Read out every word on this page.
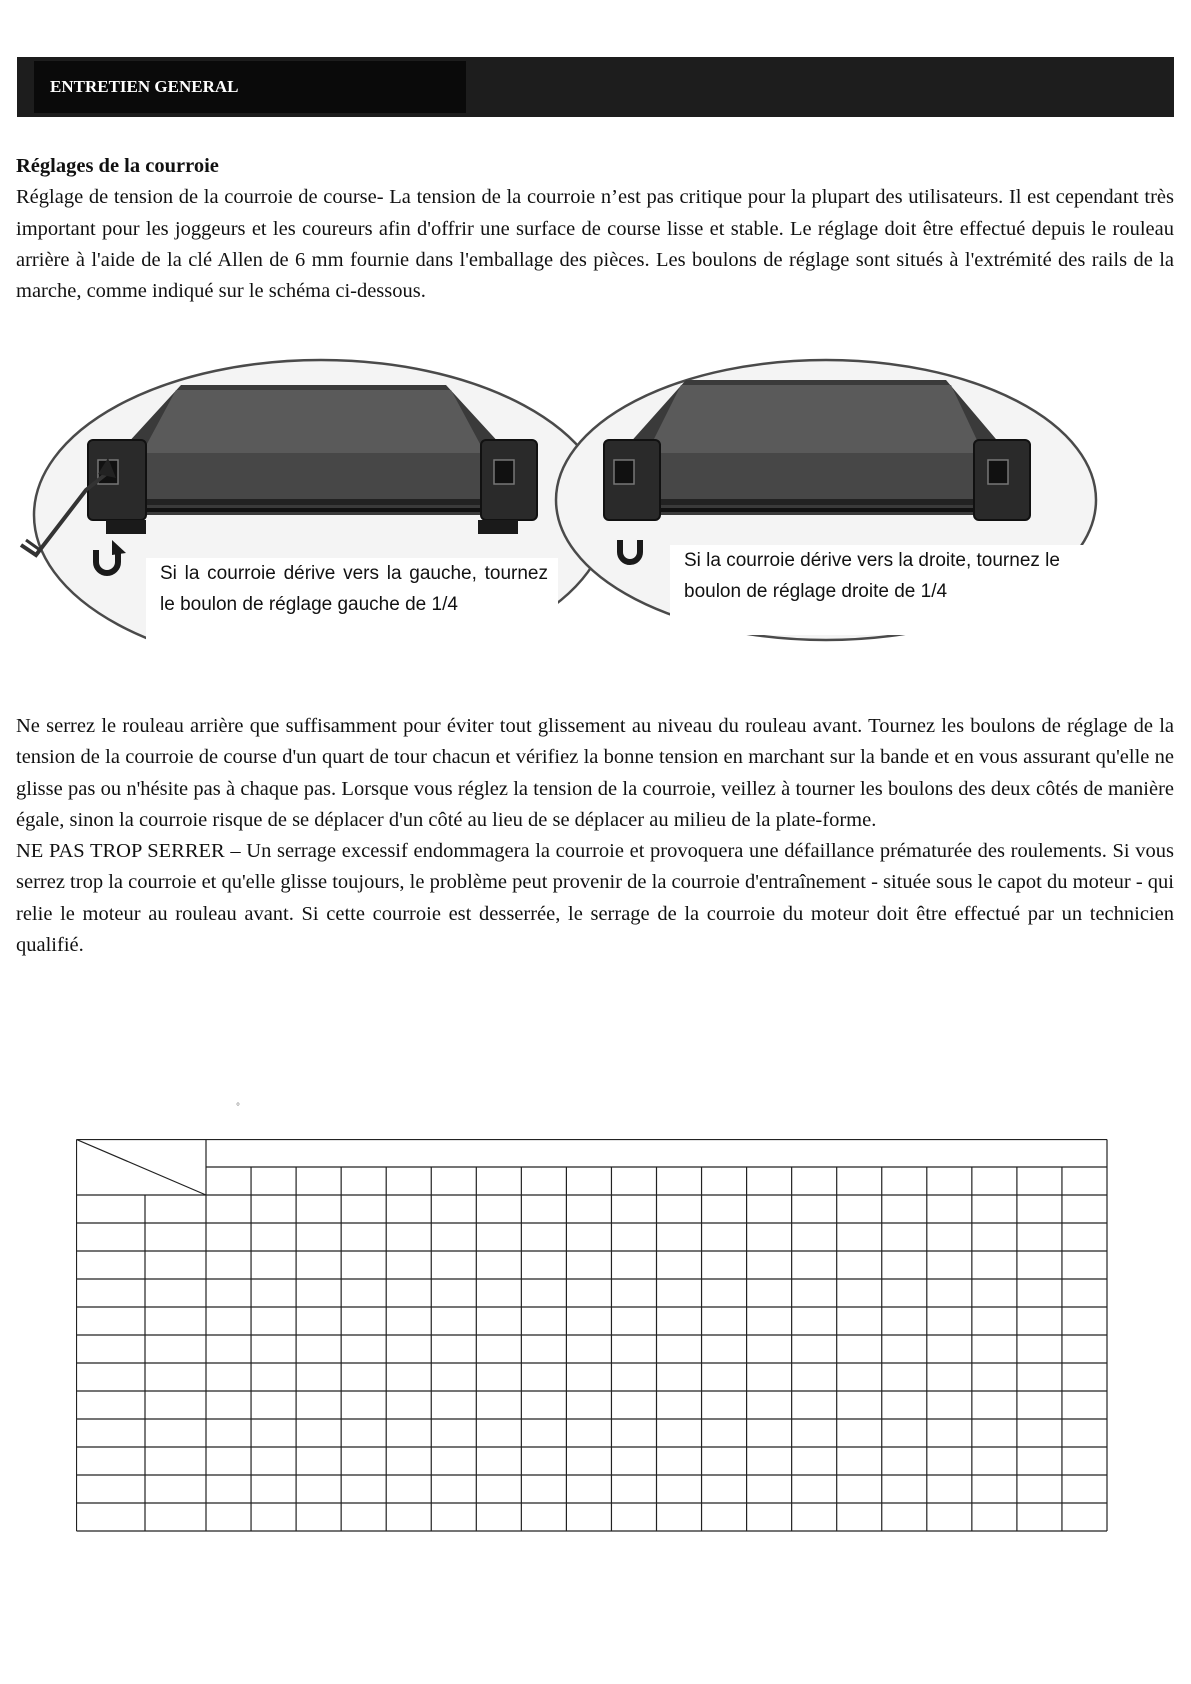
ENTRETIEN GENERAL

Réglages de la courroie
Réglage de tension de la courroie de course- La tension de la courroie n’est pas critique pour la plupart des utilisateurs. Il est cependant très important pour les joggeurs et les coureurs afin d'offrir une surface de course lisse et stable. Le réglage doit être effectué depuis le rouleau arrière à l'aide de la clé Allen de 6 mm fournie dans l'emballage des pièces. Les boulons de réglage sont situés à l'extrémité des rails de la marche, comme indiqué sur le schéma ci-dessous.

Si la courroie dérive vers la gauche, tournez le boulon de réglage gauche de 1/4
Si la courroie dérive vers la droite, tournez le boulon de réglage droite de 1/4

Ne serrez le rouleau arrière que suffisamment pour éviter tout glissement au niveau du rouleau avant. Tournez les boulons de réglage de la tension de la courroie de course d'un quart de tour chacun et vérifiez la bonne tension en marchant sur la bande et en vous assurant qu'elle ne glisse pas ou n'hésite pas à chaque pas. Lorsque vous réglez la tension de la courroie, veillez à tourner les boulons des deux côtés de manière égale, sinon la courroie risque de se déplacer d'un côté au lieu de se déplacer au milieu de la plate-forme.

NE PAS TROP SERRER – Un serrage excessif endommagera la courroie et provoquera une défaillance prématurée des roulements. Si vous serrez trop la courroie et qu'elle glisse toujours, le problème peut provenir de la courroie d'entraînement - située sous le capot du moteur - qui relie le moteur au rouleau avant. Si cette courroie est desserrée, le serrage de la courroie du moteur doit être effectué par un technicien qualifié.

°
